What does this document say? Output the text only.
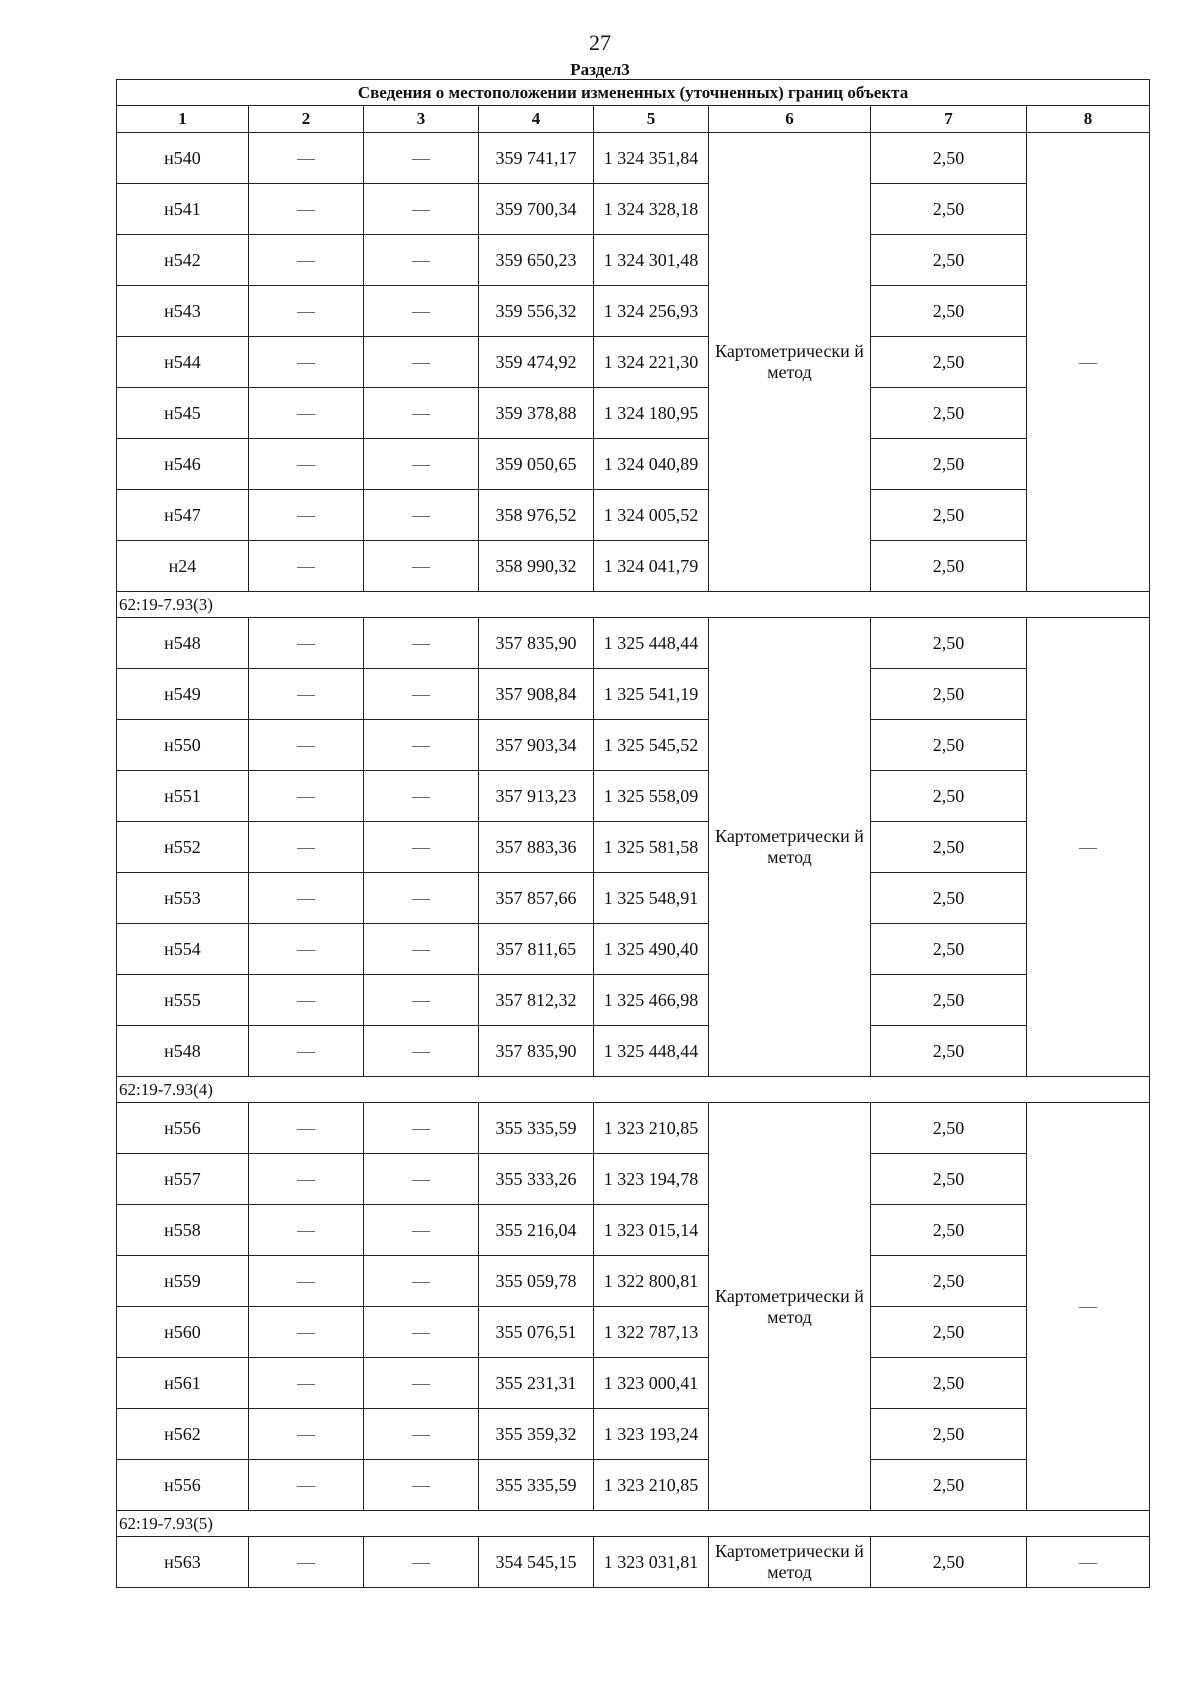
27
Раздел3
Сведения о местоположении измененных (уточненных) границ объекта							
1	2	3	4	5	6	7	8
н540	—	—	359 741,17	1 324 351,84	Картометрически й метод	2,50	—
н541	—	—	359 700,34	1 324 328,18		2,50	
н542	—	—	359 650,23	1 324 301,48		2,50	
н543	—	—	359 556,32	1 324 256,93		2,50	
н544	—	—	359 474,92	1 324 221,30		2,50	
н545	—	—	359 378,88	1 324 180,95		2,50	
н546	—	—	359 050,65	1 324 040,89		2,50	
н547	—	—	358 976,52	1 324 005,52		2,50	
н24	—	—	358 990,32	1 324 041,79		2,50	
62:19-7.93(3)							
н548	—	—	357 835,90	1 325 448,44	Картометрически й метод	2,50	—
н549	—	—	357 908,84	1 325 541,19		2,50	
н550	—	—	357 903,34	1 325 545,52		2,50	
н551	—	—	357 913,23	1 325 558,09		2,50	
н552	—	—	357 883,36	1 325 581,58		2,50	
н553	—	—	357 857,66	1 325 548,91		2,50	
н554	—	—	357 811,65	1 325 490,40		2,50	
н555	—	—	357 812,32	1 325 466,98		2,50	
н548	—	—	357 835,90	1 325 448,44		2,50	
62:19-7.93(4)							
н556	—	—	355 335,59	1 323 210,85	Картометрически й метод	2,50	—
н557	—	—	355 333,26	1 323 194,78		2,50	
н558	—	—	355 216,04	1 323 015,14		2,50	
н559	—	—	355 059,78	1 322 800,81		2,50	
н560	—	—	355 076,51	1 322 787,13		2,50	
н561	—	—	355 231,31	1 323 000,41		2,50	
н562	—	—	355 359,32	1 323 193,24		2,50	
н556	—	—	355 335,59	1 323 210,85		2,50	
62:19-7.93(5)							
н563	—	—	354 545,15	1 323 031,81	Картометрически й метод	2,50	—
